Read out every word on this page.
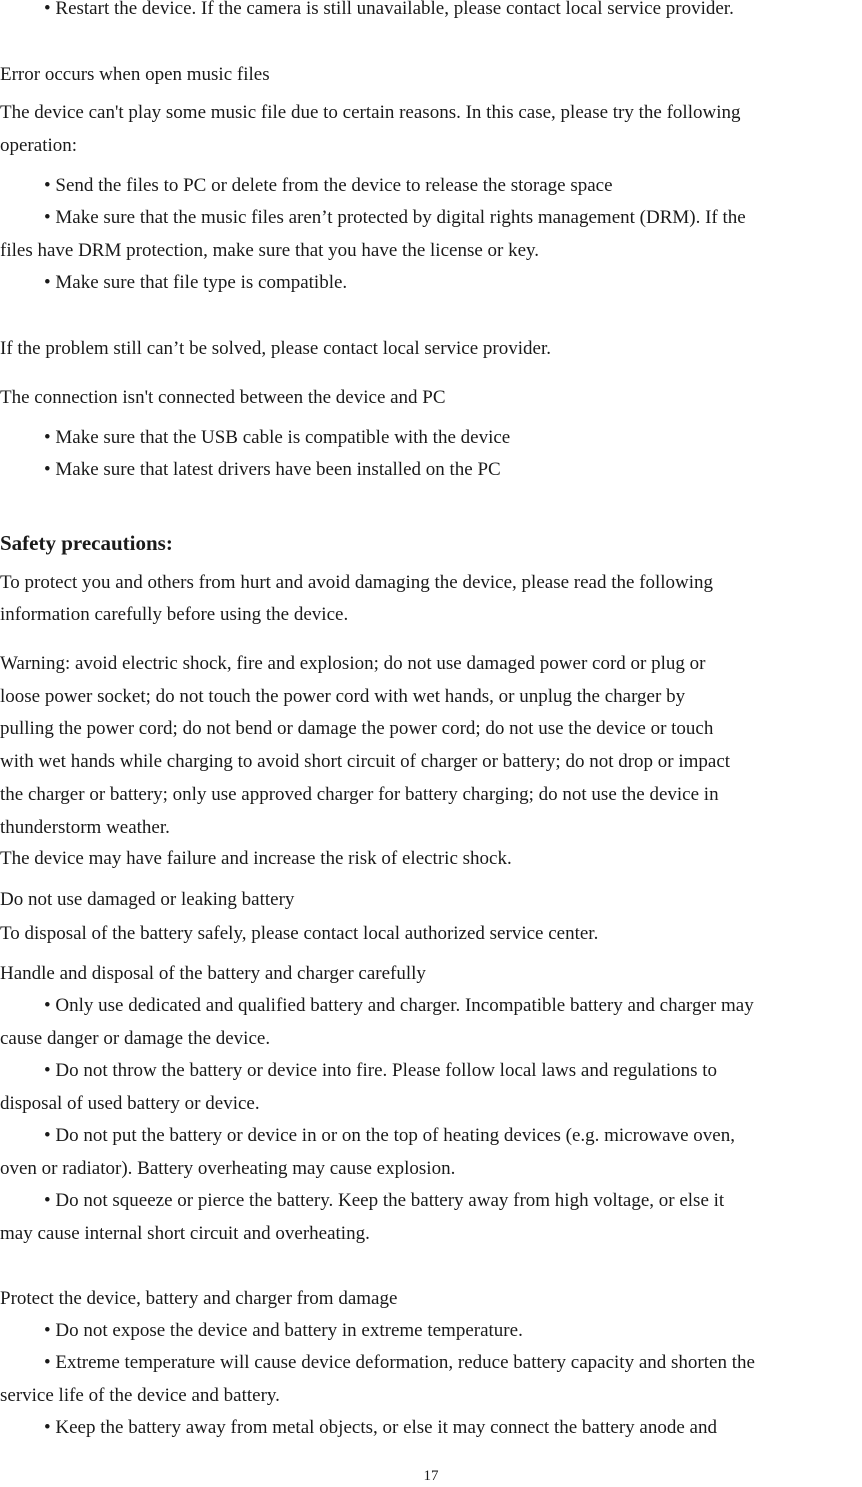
• Restart the device. If the camera is still unavailable, please contact local service provider.
Error occurs when open music files
The device can't play some music file due to certain reasons. In this case, please try the following
operation:
• Send the files to PC or delete from the device to release the storage space
• Make sure that the music files aren’t protected by digital rights management (DRM). If the
files have DRM protection, make sure that you have the license or key.
• Make sure that file type is compatible.
If the problem still can’t be solved, please contact local service provider.
The connection isn't connected between the device and PC
• Make sure that the USB cable is compatible with the device
• Make sure that latest drivers have been installed on the PC
Safety precautions:
To protect you and others from hurt and avoid damaging the device, please read the following
information carefully before using the device.
Warning: avoid electric shock, fire and explosion; do not use damaged power cord or plug or
loose power socket; do not touch the power cord with wet hands, or unplug the charger by
pulling the power cord; do not bend or damage the power cord; do not use the device or touch
with wet hands while charging to avoid short circuit of charger or battery; do not drop or impact
the charger or battery; only use approved charger for battery charging; do not use the device in
thunderstorm weather.
The device may have failure and increase the risk of electric shock.
Do not use damaged or leaking battery
To disposal of the battery safely, please contact local authorized service center.
Handle and disposal of the battery and charger carefully
• Only use dedicated and qualified battery and charger. Incompatible battery and charger may
cause danger or damage the device.
• Do not throw the battery or device into fire. Please follow local laws and regulations to
disposal of used battery or device.
• Do not put the battery or device in or on the top of heating devices (e.g. microwave oven,
oven or radiator). Battery overheating may cause explosion.
• Do not squeeze or pierce the battery. Keep the battery away from high voltage, or else it
may cause internal short circuit and overheating.
Protect the device, battery and charger from damage
• Do not expose the device and battery in extreme temperature.
• Extreme temperature will cause device deformation, reduce battery capacity and shorten the
service life of the device and battery.
• Keep the battery away from metal objects, or else it may connect the battery anode and
17
